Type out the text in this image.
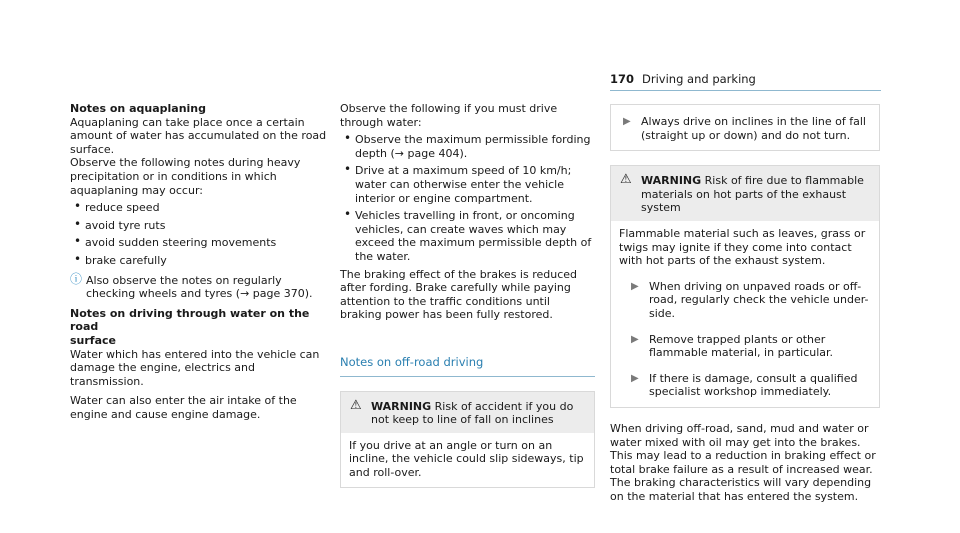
170 Driving and parking

Notes on aquaplaning

Aquaplaning can take place once a certain amount of water has accumulated on the road surface.

Observe the following notes during heavy precipitation or in conditions in which aquaplaning may occur:

• reduce speed
• avoid tyre ruts
• avoid sudden steering movements
• brake carefully
ⓘ Also observe the notes on regularly checking wheels and tyres (→ page 370).

Notes on driving through water on the road
surface

Water which has entered into the vehicle can damage the engine, electrics and transmission.

Water can also enter the air intake of the engine and cause engine damage.

Observe the following if you must drive through water:

• Observe the maximum permissible fording depth (→ page 404).
• Drive at a maximum speed of 10 km/h; water can otherwise enter the vehicle interior or engine compartment.
• Vehicles travelling in front, or oncoming vehicles, can create waves which may exceed the maximum permissible depth of the water.

The braking effect of the brakes is reduced after fording. Brake carefully while paying attention to the traffic conditions until braking power has been fully restored.

Notes on off-road driving

⚠ WARNING Risk of accident if you do not keep to line of fall on inclines
If you drive at an angle or turn on an incline, the vehicle could slip sideways, tip and roll-over.
▶ Always drive on inclines in the line of fall (straight up or down) and do not turn.
⚠ WARNING Risk of fire due to flammable materials on hot parts of the exhaust system

Flammable material such as leaves, grass or twigs may ignite if they come into contact with hot parts of the exhaust system.

▶ When driving on unpaved roads or off-road, regularly check the vehicle under-side.
▶ Remove trapped plants or other flammable material, in particular.
▶ If there is damage, consult a qualified specialist workshop immediately.

When driving off-road, sand, mud and water or water mixed with oil may get into the brakes. This may lead to a reduction in braking effect or total brake failure as a result of increased wear. The braking characteristics will vary depending on the material that has entered the system.
